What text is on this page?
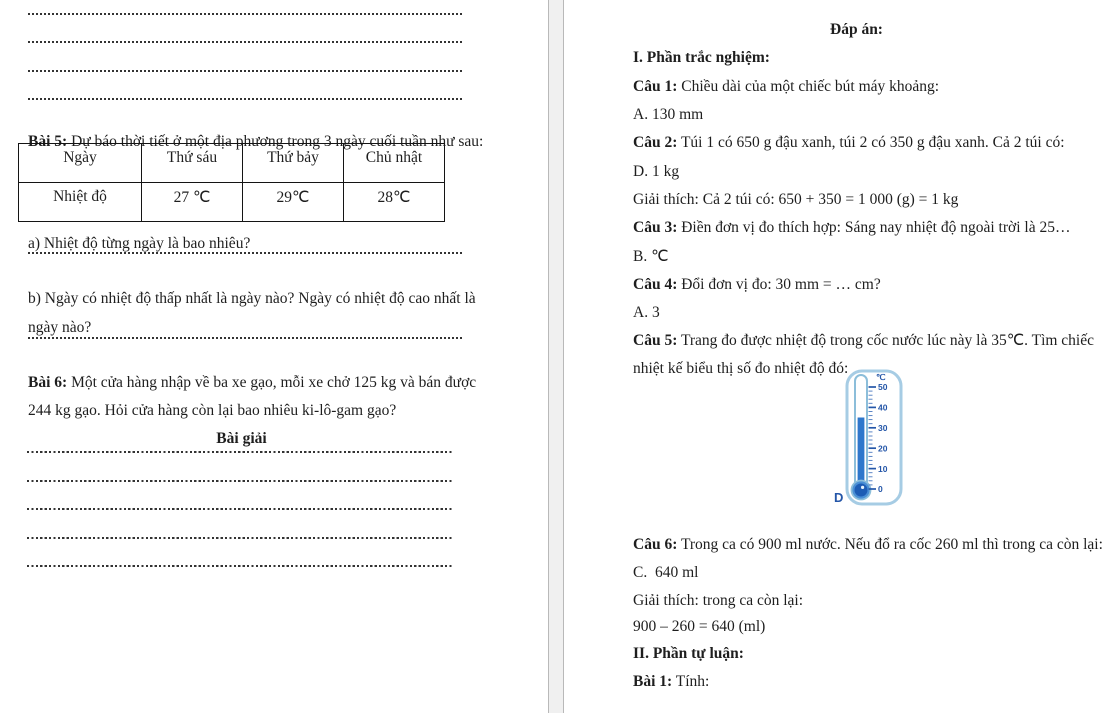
Bài 5: Dự báo thời tiết ở một địa phương trong 3 ngày cuối tuần như sau:

Ngày	Thứ sáu	Thứ bảy	Chủ nhật
Nhiệt độ	27 ℃	29℃	28℃

a) Nhiệt độ từng ngày là bao nhiêu?

b) Ngày có nhiệt độ thấp nhất là ngày nào? Ngày có nhiệt độ cao nhất là

ngày nào?

Bài 6: Một cửa hàng nhập về ba xe gạo, mỗi xe chở 125 kg và bán được

244 kg gạo. Hỏi cửa hàng còn lại bao nhiêu ki-lô-gam gạo?

Bài giải

Đáp án:

I. Phần trắc nghiệm:

Câu 1: Chiều dài của một chiếc bút máy khoảng:

A. 130 mm

Câu 2: Túi 1 có 650 g đậu xanh, túi 2 có 350 g đậu xanh. Cả 2 túi có:

D. 1 kg

Giải thích: Cả 2 túi có: 650 + 350 = 1 000 (g) = 1 kg

Câu 3: Điền đơn vị đo thích hợp: Sáng nay nhiệt độ ngoài trời là 25…

B. ℃

Câu 4: Đổi đơn vị đo: 30 mm = … cm?

A. 3

Câu 5: Trang đo được nhiệt độ trong cốc nước lúc này là 35℃. Tìm chiếc

nhiệt kế biểu thị số đo nhiệt độ đó:

D
℃
50
40
30
20
10
0

Câu 6: Trong ca có 900 ml nước. Nếu đổ ra cốc 260 ml thì trong ca còn lại:

C.  640 ml

Giải thích: trong ca còn lại:

900 – 260 = 640 (ml)

II. Phần tự luận:

Bài 1: Tính:
